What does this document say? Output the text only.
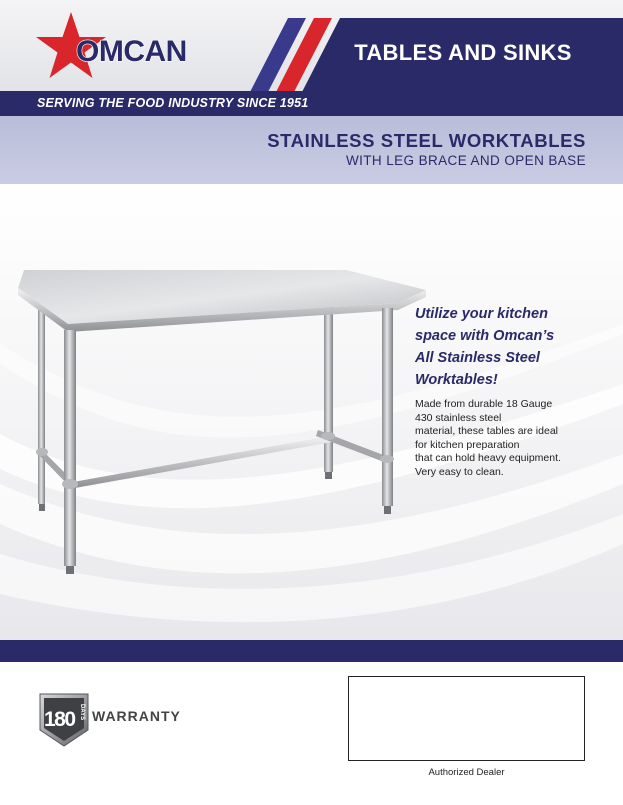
OMCAN	TABLES AND SINKS
SERVING THE FOOD INDUSTRY SINCE 1951
STAINLESS STEEL WORKTABLES
WITH LEG BRACE AND OPEN BASE
Utilize your kitchen
space with Omcan’s
All Stainless Steel
Worktables!
Made from durable 18 Gauge
430 stainless steel
material, these tables are ideal
for kitchen preparation
that can hold heavy equipment.
Very easy to clean.
180 DAYS WARRANTY
Authorized Dealer
